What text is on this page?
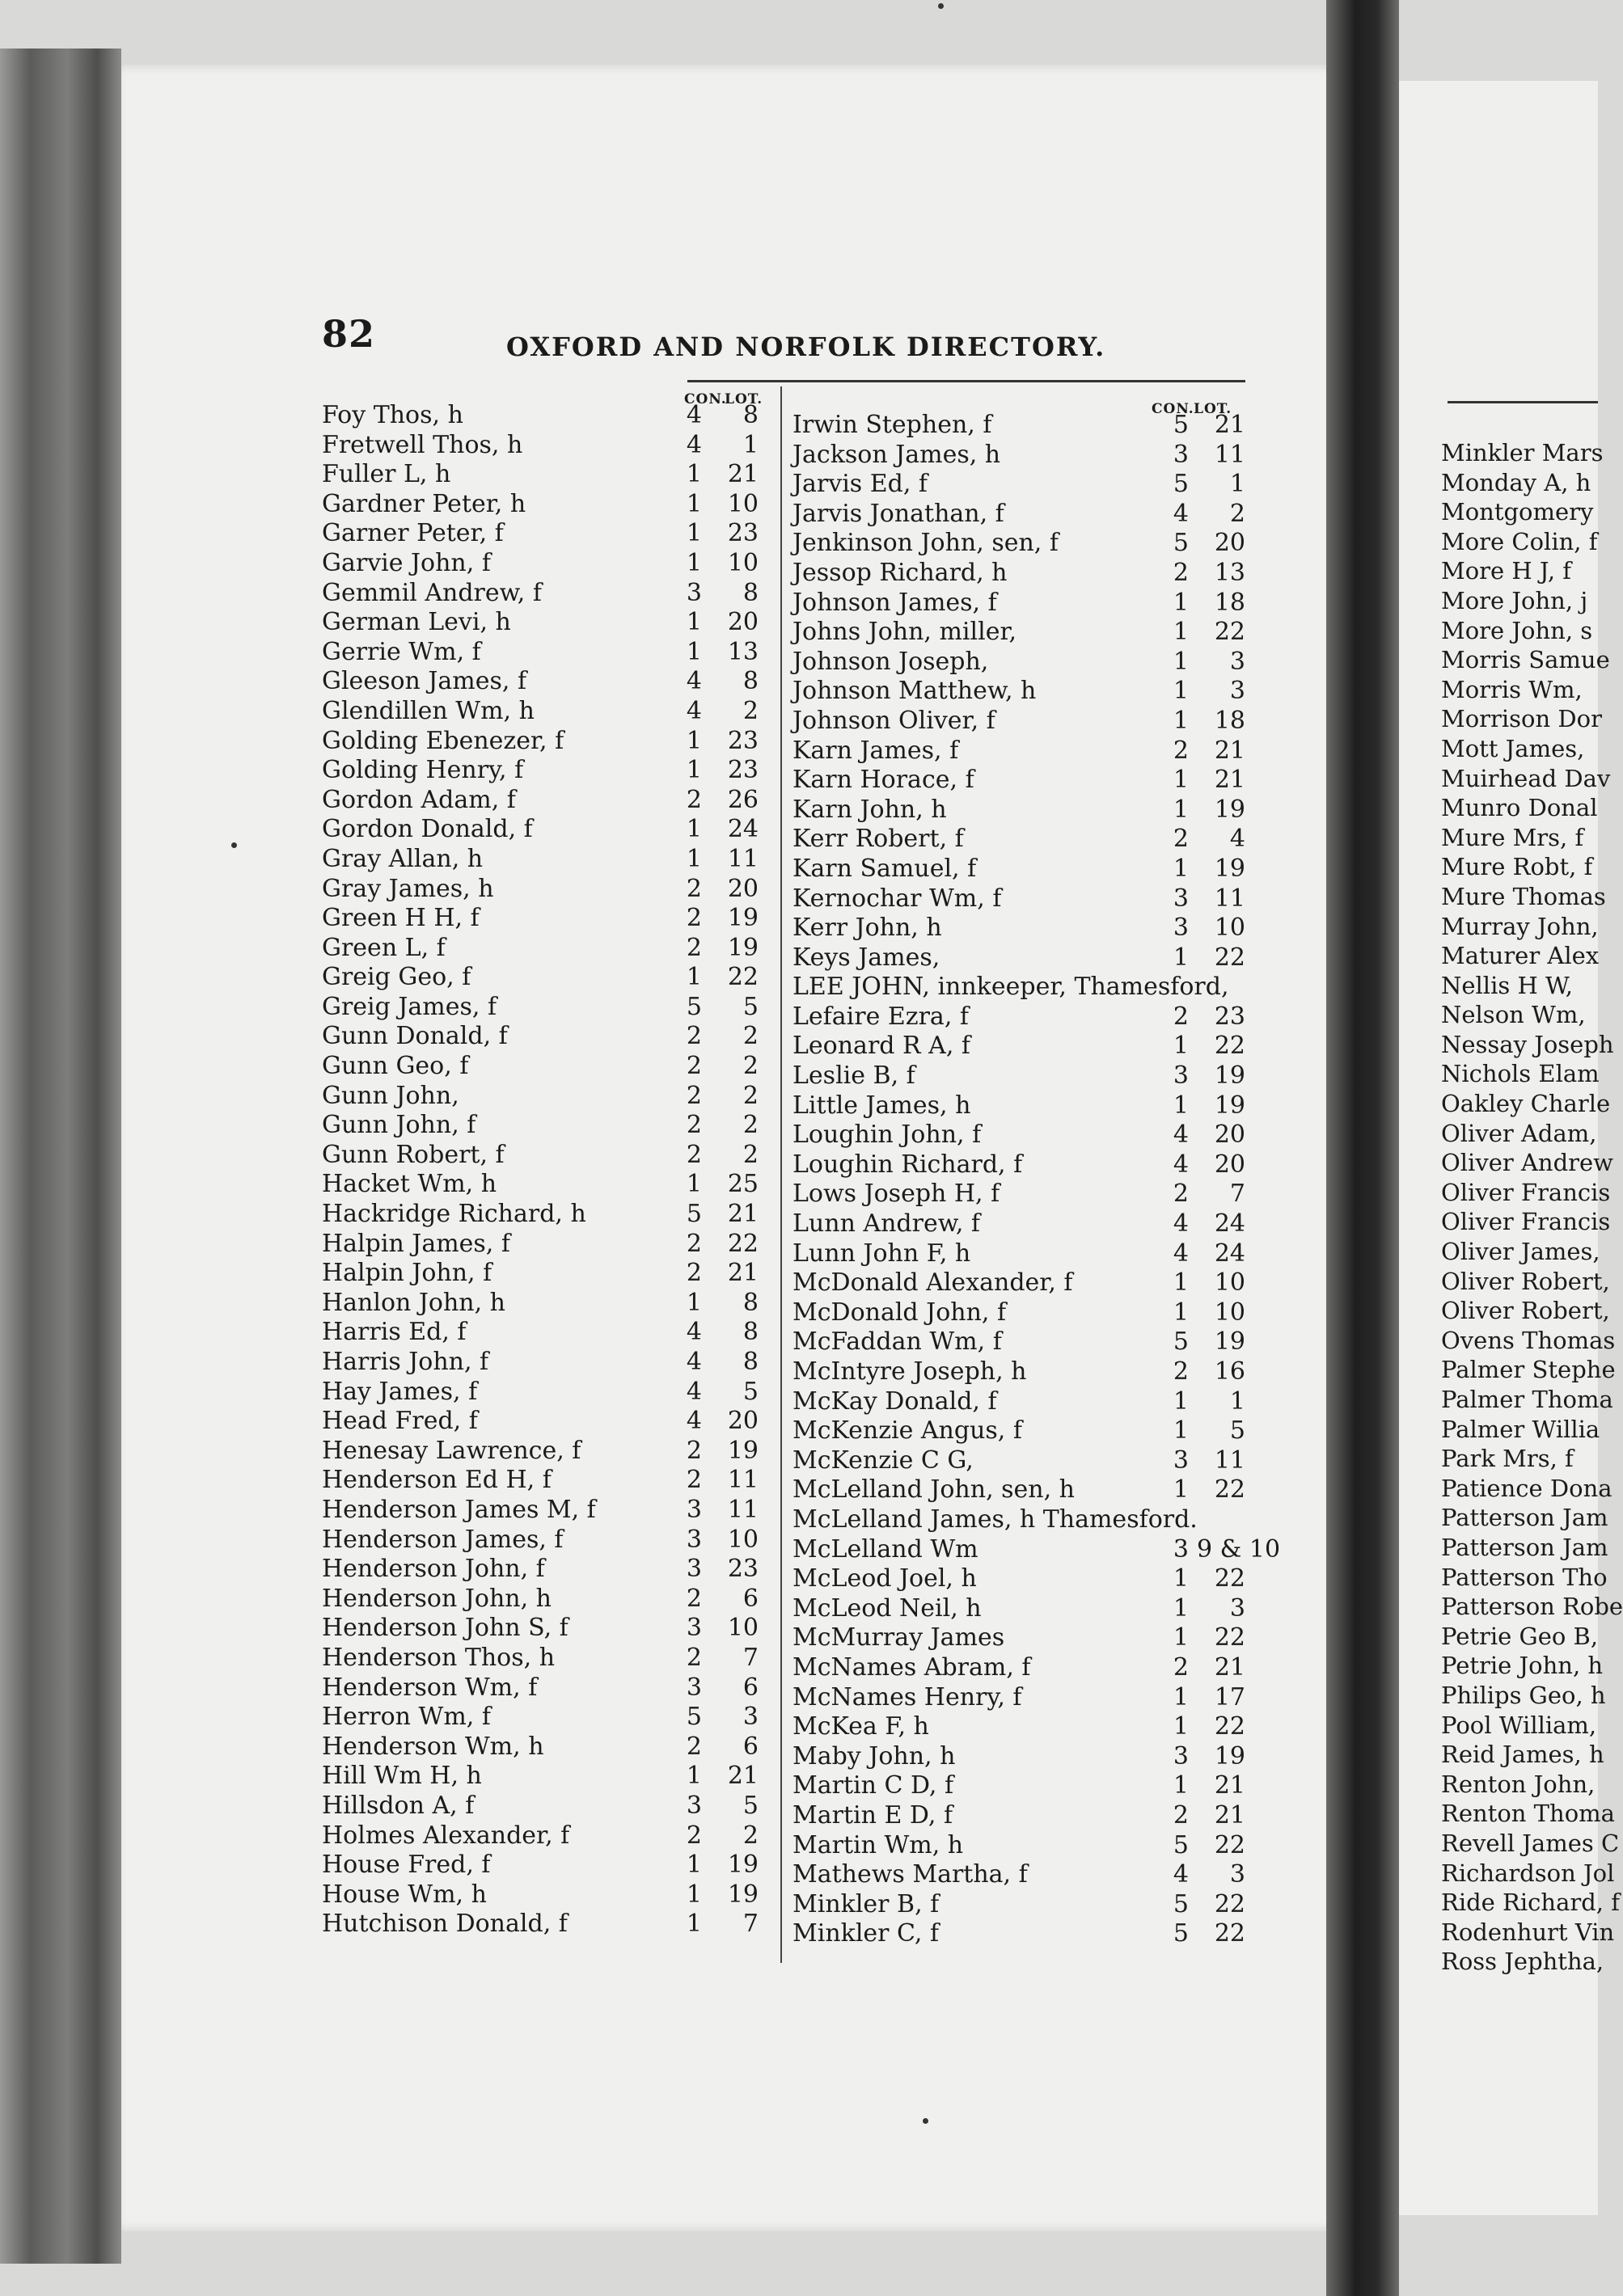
82	OXFORD AND NORFOLK DIRECTORY.
CON.
LOT.
CON. LOT.
Foy Thos, h	4	8
Fretwell Thos, h	4	1
Fuller L, h	1	21
Gardner Peter, h	1	10
Garner Peter, f	1	23
Garvie John, f	1	10
Gemmil Andrew, f	3	8
German Levi, h	1	20
Gerrie Wm, f	1	13
Gleeson James, f	4	8
Glendillen Wm, h	4	2
Golding Ebenezer, f	1	23
Golding Henry, f	1	23
Gordon Adam, f	2	26
Gordon Donald, f	1	24
Gray Allan, h	1	11
Gray James, h	2	20
Green H H, f	2	19
Green L, f	2	19
Greig Geo, f	1	22
Greig James, f	5	5
Gunn Donald, f	2	2
Gunn Geo, f	2	2
Gunn John,	2	2
Gunn John, f	2	2
Gunn Robert, f	2	2
Hacket Wm, h	1	25
Hackridge Richard, h	5	21
Halpin James, f	2	22
Halpin John, f	2	21
Hanlon John, h	1	8
Harris Ed, f	4	8
Harris John, f	4	8
Hay James, f	4	5
Head Fred, f	4	20
Henesay Lawrence, f	2	19
Henderson Ed H, f	2	11
Henderson James M, f	3	11
Henderson James, f	3	10
Henderson John, f	3	23
Henderson John, h	2	6
Henderson John S, f	3	10
Henderson Thos, h	2	7
Henderson Wm, f	3	6
Herron Wm, f	5	3
Henderson Wm, h	2	6
Hill Wm H, h	1	21
Hillsdon A, f	3	5
Holmes Alexander, f	2	2
House Fred, f	1	19
House Wm, h	1	19
Hutchison Donald, f	1	7
Irwin Stephen, f	5	21
Jackson James, h	3	11
Jarvis Ed, f	5	1
Jarvis Jonathan, f	4	2
Jenkinson John, sen, f	5	20
Jessop Richard, h	2	13
Johnson James, f	1	18
Johns John, miller,	1	22
Johnson Joseph,	1	3
Johnson Matthew, h	1	3
Johnson Oliver, f	1	18
Karn James, f	2	21
Karn Horace, f	1	21
Karn John, h	1	19
Kerr Robert, f	2	4
Karn Samuel, f	1	19
Kernochar Wm, f	3	11
Kerr John, h	3	10
Keys James,	1	22
LEE JOHN, innkeeper, Thamesford,
Lefaire Ezra, f	2	23
Leonard R A, f	1	22
Leslie B, f	3	19
Little James, h	1	19
Loughin John, f	4	20
Loughin Richard, f	4	20
Lows Joseph H, f	2	7
Lunn Andrew, f	4	24
Lunn John F, h	4	24
McDonald Alexander, f	1	10
McDonald John, f	1	10
McFaddan Wm, f	5	19
McIntyre Joseph, h	2	16
McKay Donald, f	1	1
McKenzie Angus, f	1	5
McKenzie C G,	3	11
McLelland John, sen, h	1	22
McLelland James, h Thamesford.
McLelland Wm	3 9 & 10
McLeod Joel, h	1	22
McLeod Neil, h	1	3
McMurray James	1	22
McNames Abram, f	2	21
McNames Henry, f	1	17
McKea F, h	1	22
Maby John, h	3	19
Martin C D, f	1	21
Martin E D, f	2	21
Martin Wm, h	5	22
Mathews Martha, f	4	3
Minkler B, f	5	22
Minkler C, f	5	22
Minkler Mars
Monday A, h
Montgomery
More Colin, f
More H J, f
More John, j
More John, s
Morris Samue
Morris Wm,
Morrison Dor
Mott James,
Muirhead Dav
Munro Donal
Mure Mrs, f
Mure Robt, f
Mure Thomas
Murray John,
Maturer Alex
Nellis H W,
Nelson Wm,
Nessay Joseph
Nichols Elam
Oakley Charle
Oliver Adam,
Oliver Andrew
Oliver Francis
Oliver Francis
Oliver James,
Oliver Robert,
Oliver Robert,
Ovens Thomas
Palmer Stephe
Palmer Thoma
Palmer Willia
Park Mrs, f
Patience Dona
Patterson Jam
Patterson Jam
Patterson Tho
Patterson Robe
Petrie Geo B,
Petrie John, h
Philips Geo, h
Pool William,
Reid James, h
Renton John,
Renton Thoma
Revell James C
Richardson Jol
Ride Richard, f
Rodenhurt Vin
Ross Jephtha,
